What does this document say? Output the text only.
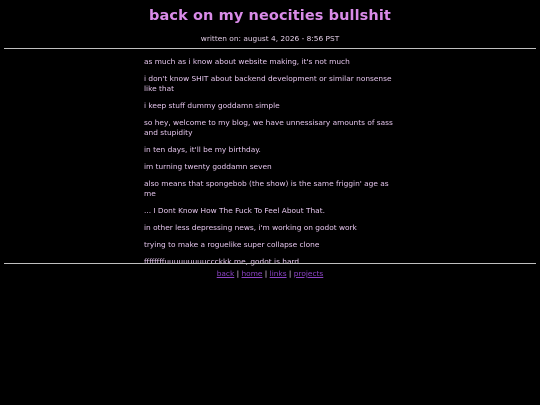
back on my neocities bullshit
written on: august 4, 2026 - 8:56 PST

as much as i know about website making, it's not much

i don't know SHIT about backend development or similar nonsense like that

i keep stuff dummy goddamn simple

so hey, welcome to my blog, we have unnessisary amounts of sass and stupidity

in ten days, it'll be my birthday.

im turning twenty goddamn seven

also means that spongebob (the show) is the same friggin' age as me

... I Dont Know How The Fuck To Feel About That.

in other less depressing news, i'm working on godot work

trying to make a roguelike super collapse clone

ffffffffuuuuuuuuuccckkk me, godot is hard

back | home | links | projects
